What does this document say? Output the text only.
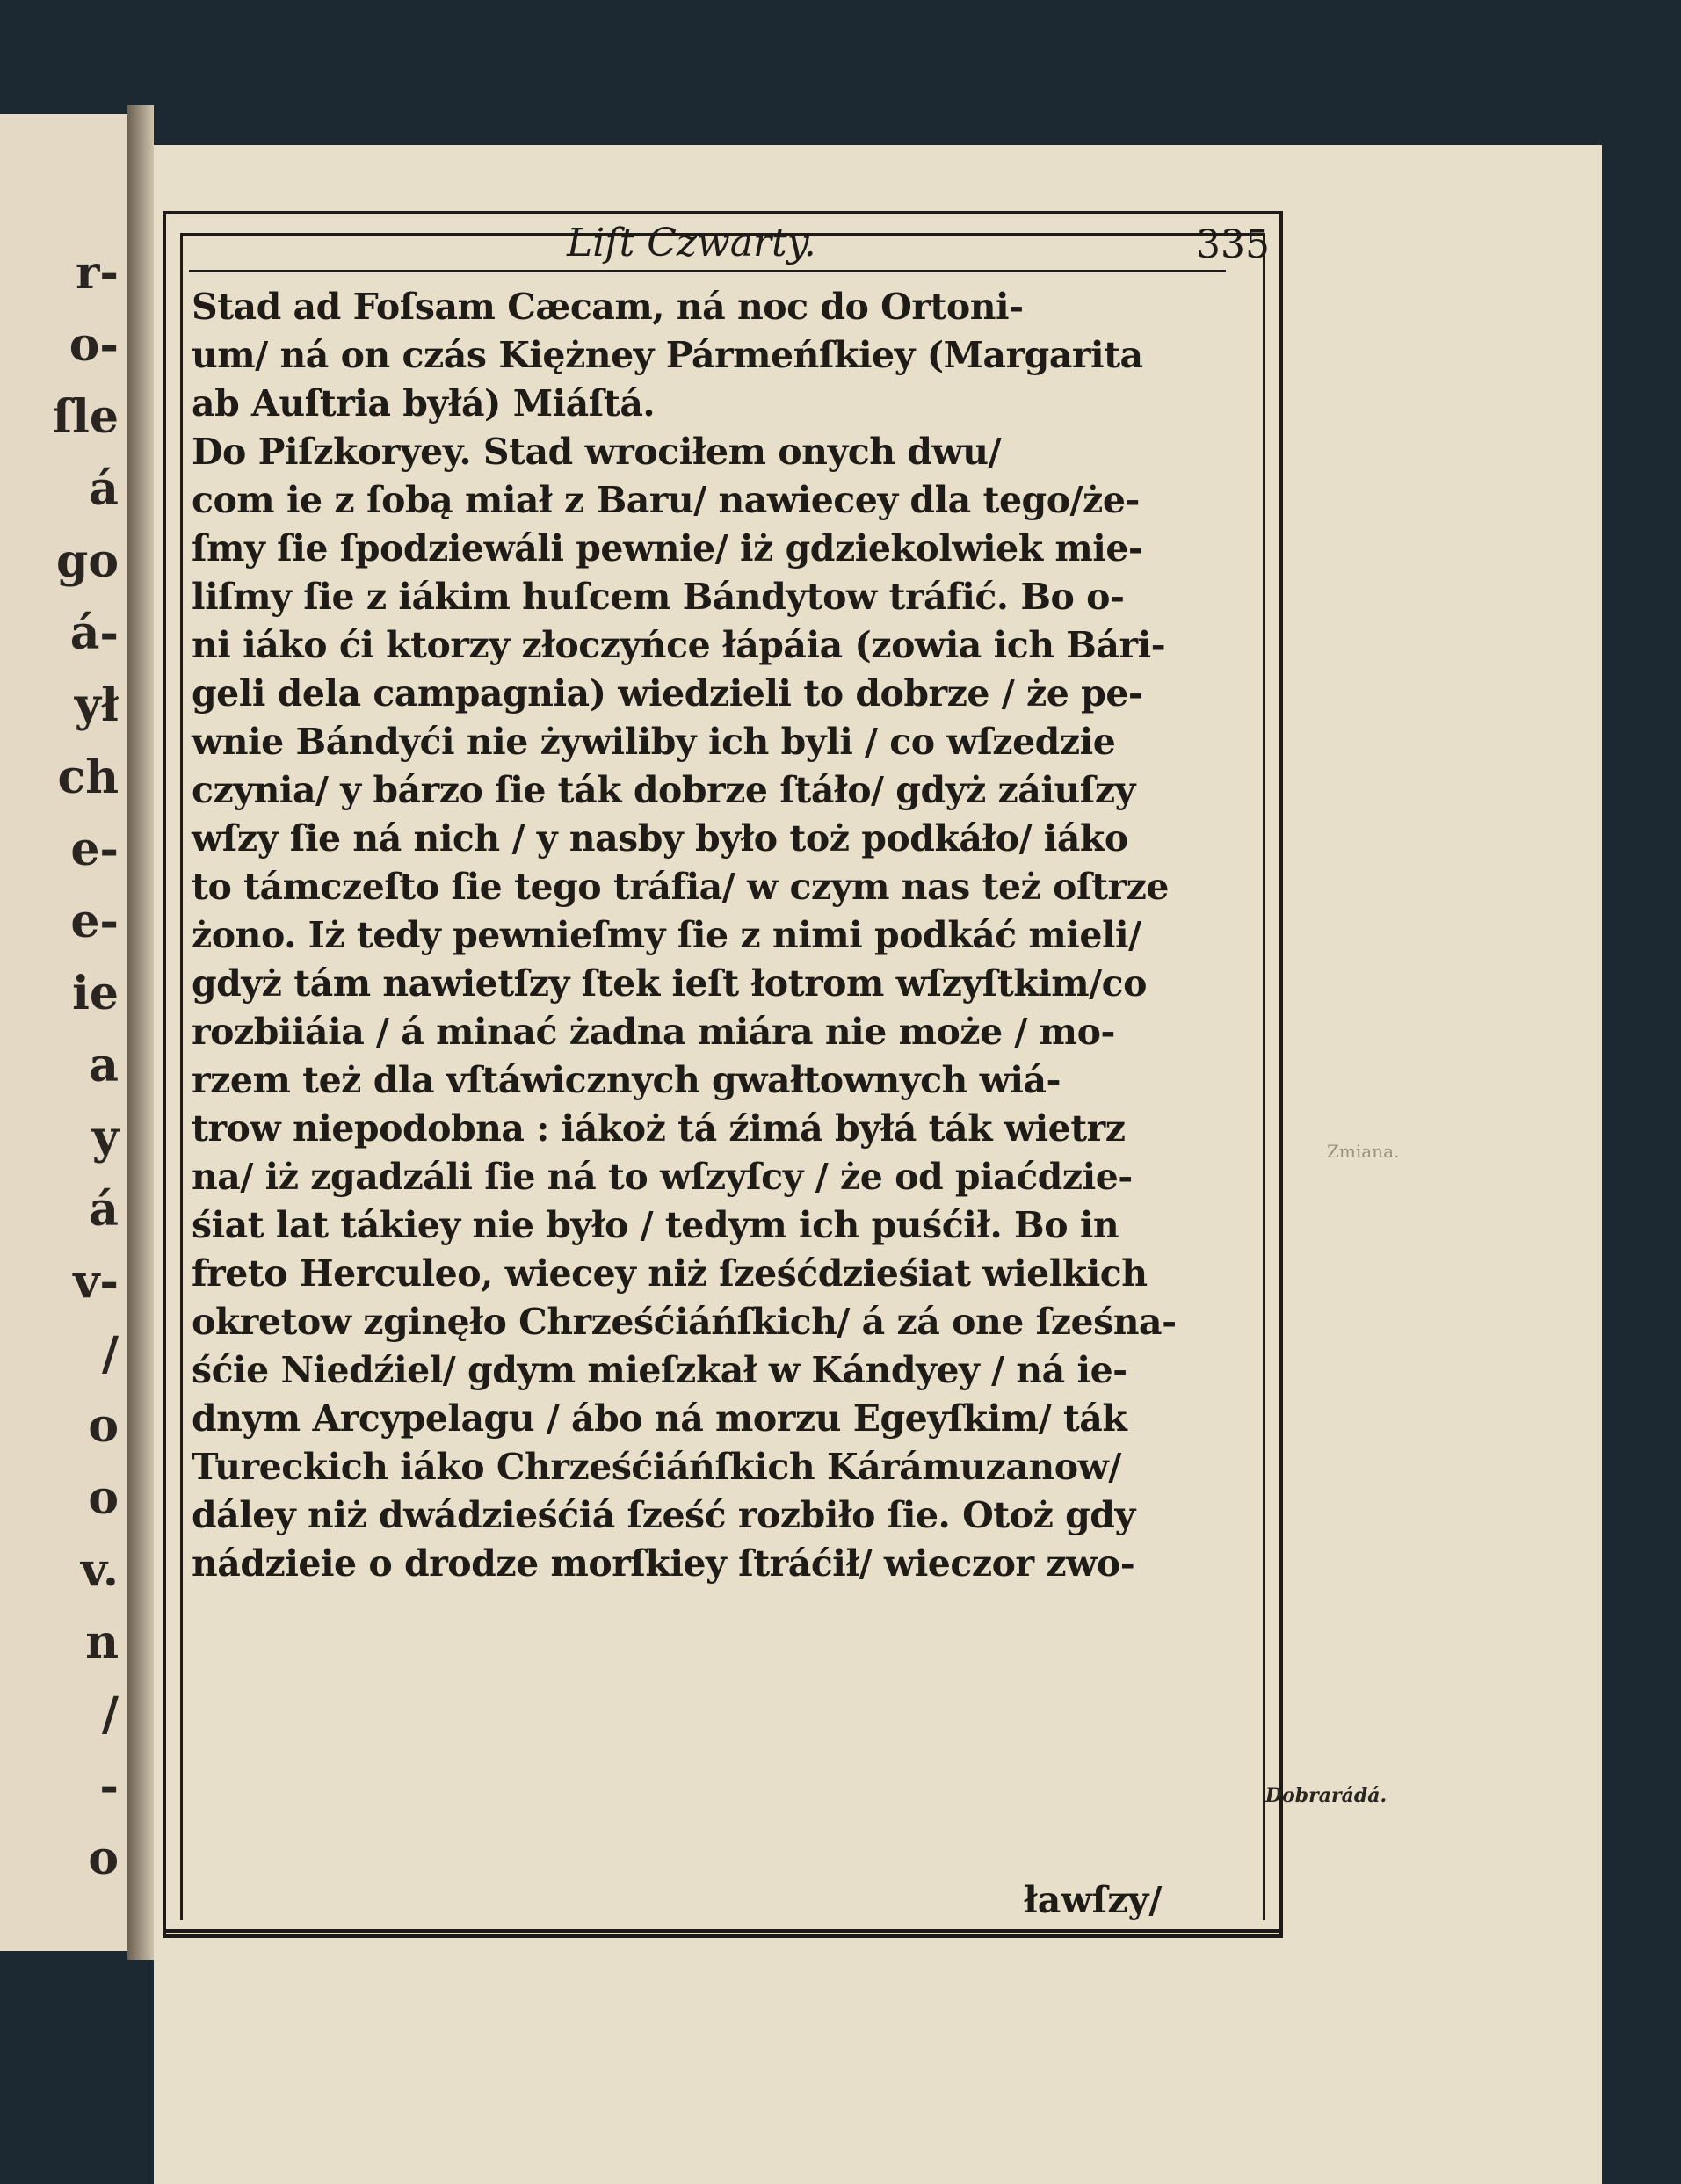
r-
o-
ſle
á
go
á-
ył
ch
e-
e-
ie
a
y
á
v-
/
o
o
v.
n
/
-
o
Liſt Czwarty.	335
Stad ad Foſsam Cæcam, ná noc do Ortoni-
um/ ná on czás Kiężney Pármeńſkiey (Margarita
ab Auſtria byłá) Miáſtá.
Do Piſzkoryey. Stad wrociłem onych dwu/
com ie z ſobą miał z Baru/ nawiecey dla tego/że-
ſmy ſie ſpodziewáli pewnie/ iż gdziekolwiek mie-
liſmy ſie z iákim huſcem Bándytow tráfić. Bo o-
ni iáko ći ktorzy złoczyńce łápáia (zowia ich Bári-
geli dela campagnia) wiedzieli to dobrze / że pe-
wnie Bándyći nie żywiliby ich byli / co wſzedzie
czynia/ y bárzo ſie ták dobrze ſtáło/ gdyż záiuſzy
wſzy ſie ná nich / y nasby było toż podkáło/ iáko
to támczeſto ſie tego tráfia/ w czym nas też oſtrze
żono. Iż tedy pewnieſmy ſie z nimi podkáć mieli/
gdyż tám nawietſzy ſtek ieſt łotrom wſzyſtkim/co
rozbiiáia / á minać żadna miára nie może / mo-
rzem też dla vſtáwicznych gwałtownych wiá-
trow niepodobna : iákoż tá źimá byłá ták wietrz
na/ iż zgadzáli ſie ná to wſzyſcy / że od piaćdzie-
śiat lat tákiey nie było / tedym ich puśćił. Bo in
freto Herculeo, wiecey niż ſześćdzieśiat wielkich
okretow zginęło Chrześćiáńſkich/ á zá one ſześna-
śćie Niedźiel/ gdym mieſzkał w Kándyey / ná ie-
dnym Arcypelagu / ábo ná morzu Egeyſkim/ ták
Tureckich iáko Chrześćiáńſkich Kárámuzanow/
dáley niż dwádzieśćiá ſześć rozbiło ſie. Otoż gdy
nádzieie o drodze morſkiey ſtráćił/ wieczor zwo-
ławſzy/
Zmiana.
Dobrarádá.
